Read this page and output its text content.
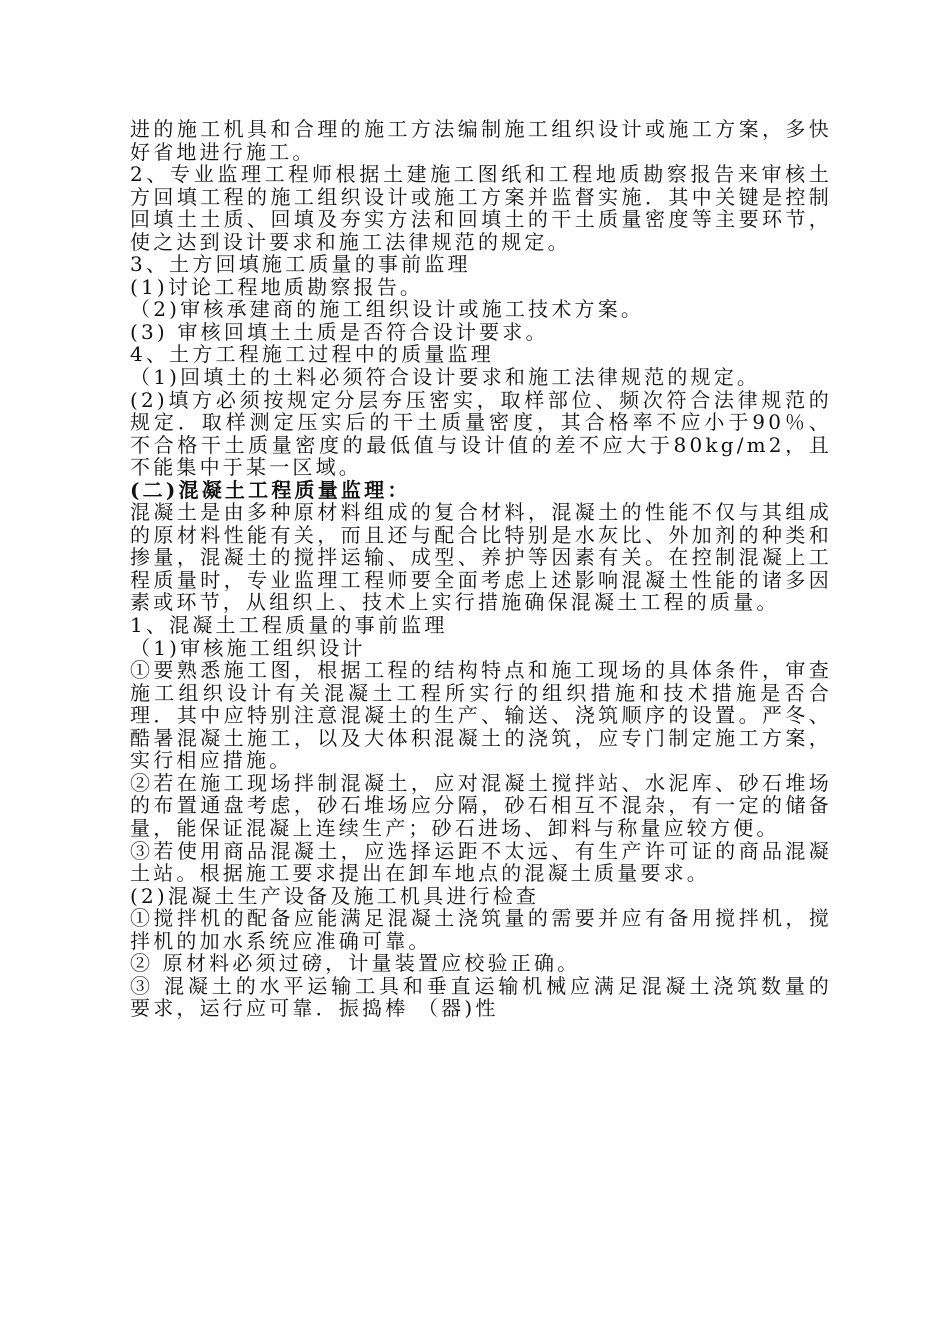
进的施工机具和合理的施工方法编制施工组织设计或施工方案，多快好省地进行施工。

2、专业监理工程师根据土建施工图纸和工程地质勘察报告来审核土方回填工程的施工组织设计或施工方案并监督实施．其中关键是控制回填土土质、回填及夯实方法和回填土的干土质量密度等主要环节，使之达到设计要求和施工法律规范的规定。

3、土方回填施工质量的事前监理

(1)讨论工程地质勘察报告。

（2)审核承建商的施工组织设计或施工技术方案。

(3) 审核回填土土质是否符合设计要求。

4、土方工程施工过程中的质量监理

（1)回填土的土料必须符合设计要求和施工法律规范的规定。

(2)填方必须按规定分层夯压密实，取样部位、频次符合法律规范的规定．取样测定压实后的干土质量密度，其合格率不应小于90％、不合格干土质量密度的最低值与设计值的差不应大于80kg/m2，且不能集中于某一区域。

(二)混凝土工程质量监理：

混凝土是由多种原材料组成的复合材料，混凝土的性能不仅与其组成的原材料性能有关，而且还与配合比特别是水灰比、外加剂的种类和掺量，混凝土的搅拌运输、成型、养护等因素有关。在控制混凝上工程质量时，专业监理工程师要全面考虑上述影响混凝土性能的诸多因素或环节，从组织上、技术上实行措施确保混凝土工程的质量。

1、混凝土工程质量的事前监理

（1)审核施工组织设计

①要熟悉施工图，根据工程的结构特点和施工现场的具体条件，审查施工组织设计有关混凝土工程所实行的组织措施和技术措施是否合理．其中应特别注意混凝土的生产、输送、浇筑顺序的设置。严冬、酷暑混凝土施工，以及大体积混凝土的浇筑，应专门制定施工方案，实行相应措施。

②若在施工现场拌制混凝土，应对混凝土搅拌站、水泥库、砂石堆场的布置通盘考虑，砂石堆场应分隔，砂石相互不混杂，有一定的储备量，能保证混凝上连续生产；砂石进场、卸料与称量应较方便。

③若使用商品混凝土，应选择运距不太远、有生产许可证的商品混凝土站。根据施工要求提出在卸车地点的混凝土质量要求。

(2)混凝土生产设备及施工机具进行检查

①搅拌机的配备应能满足混凝土浇筑量的需要并应有备用搅拌机，搅拌机的加水系统应准确可靠。

② 原材料必须过磅，计量装置应校验正确。

③ 混凝土的水平运输工具和垂直运输机械应满足混凝土浇筑数量的要求，运行应可靠．振捣棒 （器)性
